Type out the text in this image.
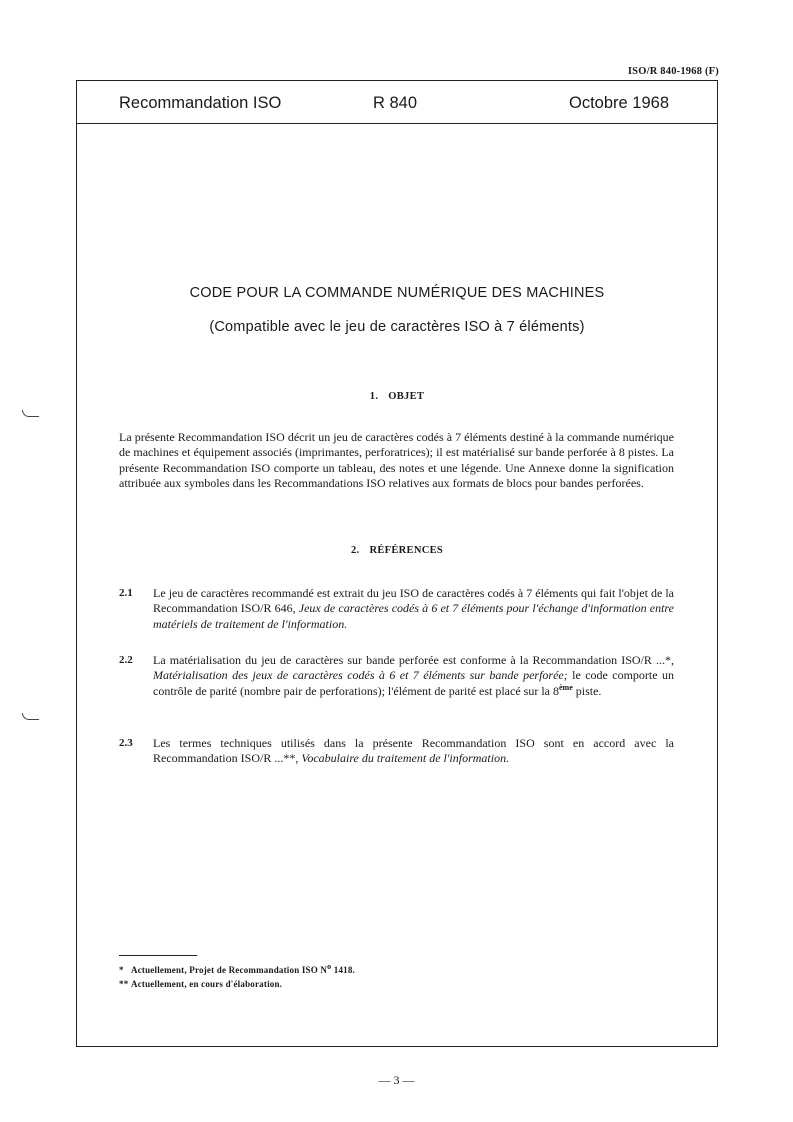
ISO/R 840-1968 (F)
Recommandation ISO	R 840	Octobre 1968
CODE POUR LA COMMANDE NUMÉRIQUE DES MACHINES
(Compatible avec le jeu de caractères ISO à 7 éléments)
1. OBJET

La présente Recommandation ISO décrit un jeu de caractères codés à 7 éléments destiné à la commande numérique de machines et équipement associés (imprimantes, perforatrices); il est matérialisé sur bande perforée à 8 pistes. La présente Recommandation ISO comporte un tableau, des notes et une légende. Une Annexe donne la signification attribuée aux symboles dans les Recommandations ISO relatives aux formats de blocs pour bandes perforées.

2. RÉFÉRENCES
2.1 Le jeu de caractères recommandé est extrait du jeu ISO de caractères codés à 7 éléments qui fait l'objet de la Recommandation ISO/R 646, Jeux de caractères codés à 6 et 7 éléments pour l'échange d'information entre matériels de traitement de l'information.
2.2 La matérialisation du jeu de caractères sur bande perforée est conforme à la Recommandation ISO/R ...*, Matérialisation des jeux de caractères codés à 6 et 7 éléments sur bande perforée; le code comporte un contrôle de parité (nombre pair de perforations); l'élément de parité est placé sur la 8ème piste.
2.3 Les termes techniques utilisés dans la présente Recommandation ISO sont en accord avec la Recommandation ISO/R ...**, Vocabulaire du traitement de l'information.
* Actuellement, Projet de Recommandation ISO $N^o$ 1418.
** Actuellement, en cours d'élaboration.
— 3 —
